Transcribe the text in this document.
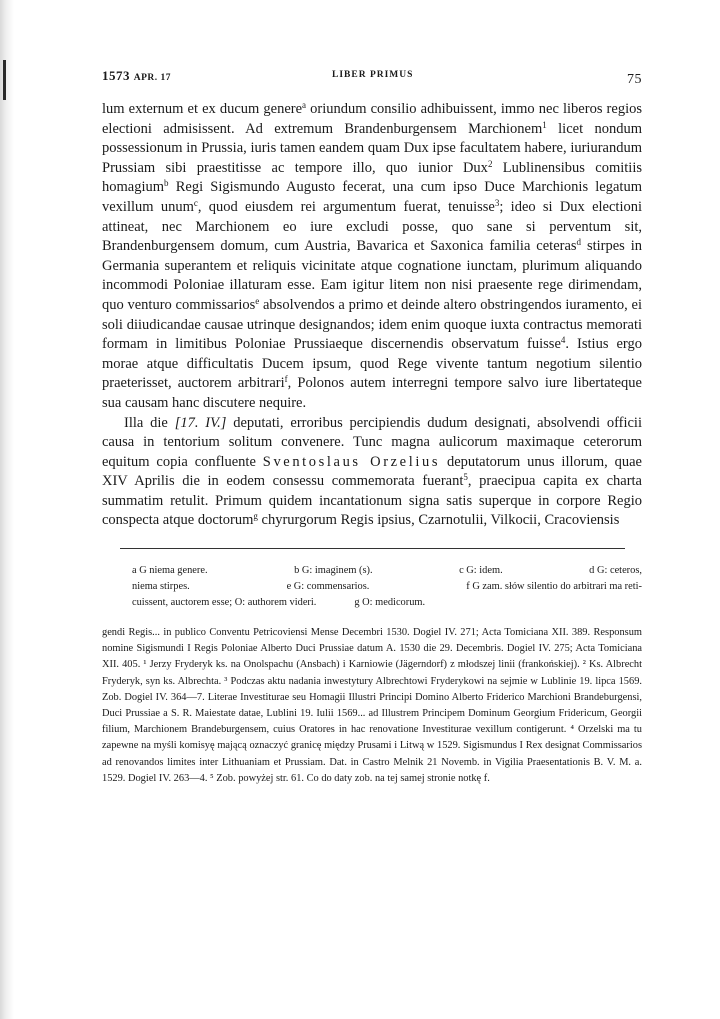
1573 APR. 17	LIBER PRIMUS	75

lum externum et ex ducum genere$^a$ oriundum consilio adhibuissent, immo nec liberos regios electioni admisissent. Ad extremum Brandenburgensem Marchionem$^1$ licet nondum possessionum in Prussia, iuris tamen eandem quam Dux ipse facultatem habere, iuriurandum Prussiam sibi praestitisse ac tempore illo, quo iunior Dux$^2$ Lublinensibus comitiis homagium$^b$ Regi Sigismundo Augusto fecerat, una cum ipso Duce Marchionis legatum vexillum unum$^c$, quod eiusdem rei argumentum fuerat, tenuisse$^3$; ideo si Dux electioni attineat, nec Marchionem eo iure excludi posse, quo sane si perventum sit, Brandenburgensem domum, cum Austria, Bavarica et Saxonica familia ceteras$^d$ stirpes in Germania superantem et reliquis vicinitate atque cognatione iunctam, plurimum aliquando incommodi Poloniae illaturam esse. Eam igitur litem non nisi praesente rege dirimendam, quo venturo commissarios$^e$ absolvendos a primo et deinde altero obstringendos iuramento, ei soli diiudicandae causae utrinque designandos; idem enim quoque iuxta contractus memorati formam in limitibus Poloniae Prussiaeque discernendis observatum fuisse$^4$. Istius ergo morae atque difficultatis Ducem ipsum, quod Rege vivente tantum negotium silentio praeterisset, auctorem arbitrari$^f$, Polonos autem interregni tempore salvo iure libertateque sua causam hanc discutere nequire.

Illa die [17. IV.] deputati, erroribus percipiendis dudum designati, absolvendi officii causa in tentorium solitum convenere. Tunc magna aulicorum maximaque ceterorum equitum copia confluente Sventoslaus Orzelius deputatorum unus illorum, quae XIV Aprilis die in eodem consessu commemorata fuerant$^5$, praecipua capita ex charta summatim retulit. Primum quidem incantationum signa satis superque in corpore Regio conspecta atque doctorum$^g$ chyrurgorum Regis ipsius, Czarnotulii, Vilkocii, Cracoviensis

a G niema genere.	b G: imaginem (s).	c G: idem.	d G: ceteros,
niema stirpes.	e G: commensarios.	f G zam. słów silentio do arbitrari ma reti-
cuissent, auctorem esse; O: authorem videri.	g O: medicorum.
gendi Regis... in publico Conventu Petricoviensi Mense Decembri 1530. Dogiel IV. 271; Acta Tomiciana XII. 389. Responsum nomine Sigismundi I Regis Poloniae Alberto Duci Prussiae datum A. 1530 die 29. Decembris. Dogiel IV. 275; Acta Tomiciana XII. 405. ¹ Jerzy Fryderyk ks. na Onolspachu (Ansbach) i Karniowie (Jägerndorf) z młodszej linii (frankońskiej). ² Ks. Albrecht Fryderyk, syn ks. Albrechta. ³ Podczas aktu nadania inwestytury Albrechtowi Fryderykowi na sejmie w Lublinie 19. lipca 1569. Zob. Dogiel IV. 364—7. Literae Investiturae seu Homagii Illustri Principi Domino Alberto Friderico Marchioni Brandeburgensi, Duci Prussiae a S. R. Maiestate datae, Lublini 19. Iulii 1569... ad Illustrem Principem Dominum Georgium Fridericum, Georgii filium, Marchionem Brandeburgensem, cuius Oratores in hac renovatione Investiturae vexillum contigerunt. ⁴ Orzelski ma tu zapewne na myśli komisyę mającą oznaczyć granicę między Prusami i Litwą w 1529. Sigismundus I Rex designat Commissarios ad renovandos limites inter Lithuaniam et Prussiam. Dat. in Castro Melnik 21 Novemb. in Vigilia Praesentationis B. V. M. a. 1529. Dogiel IV. 263—4. ⁵ Zob. powyżej str. 61. Co do daty zob. na tej samej stronie notkę f.
